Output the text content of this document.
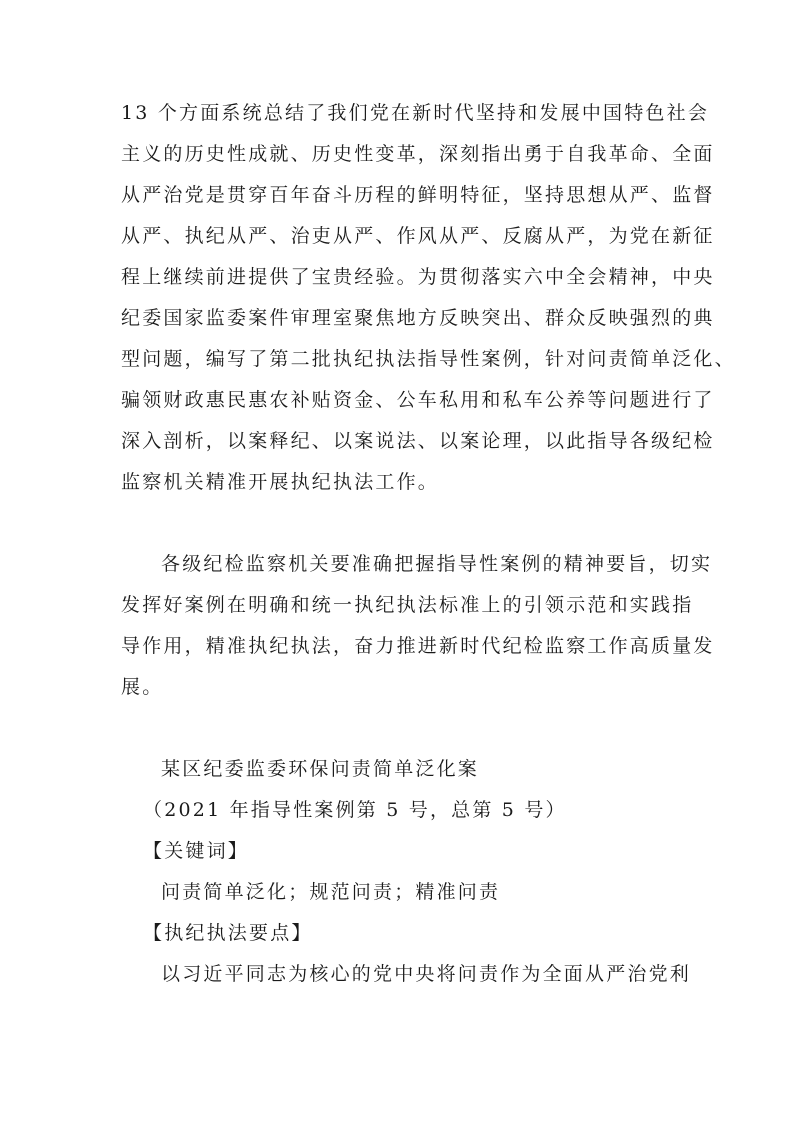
13 个方面系统总结了我们党在新时代坚持和发展中国特色社会
主义的历史性成就、历史性变革，深刻指出勇于自我革命、全面
从严治党是贯穿百年奋斗历程的鲜明特征，坚持思想从严、监督
从严、执纪从严、治吏从严、作风从严、反腐从严，为党在新征
程上继续前进提供了宝贵经验。为贯彻落实六中全会精神，中央
纪委国家监委案件审理室聚焦地方反映突出、群众反映强烈的典
型问题，编写了第二批执纪执法指导性案例，针对问责简单泛化、
骗领财政惠民惠农补贴资金、公车私用和私车公养等问题进行了
深入剖析，以案释纪、以案说法、以案论理，以此指导各级纪检
监察机关精准开展执纪执法工作。
各级纪检监察机关要准确把握指导性案例的精神要旨，切实
发挥好案例在明确和统一执纪执法标准上的引领示范和实践指
导作用，精准执纪执法，奋力推进新时代纪检监察工作高质量发
展。
某区纪委监委环保问责简单泛化案
（2021 年指导性案例第 5 号，总第 5 号）
【关键词】
问责简单泛化；规范问责；精准问责
【执纪执法要点】
以习近平同志为核心的党中央将问责作为全面从严治党利
